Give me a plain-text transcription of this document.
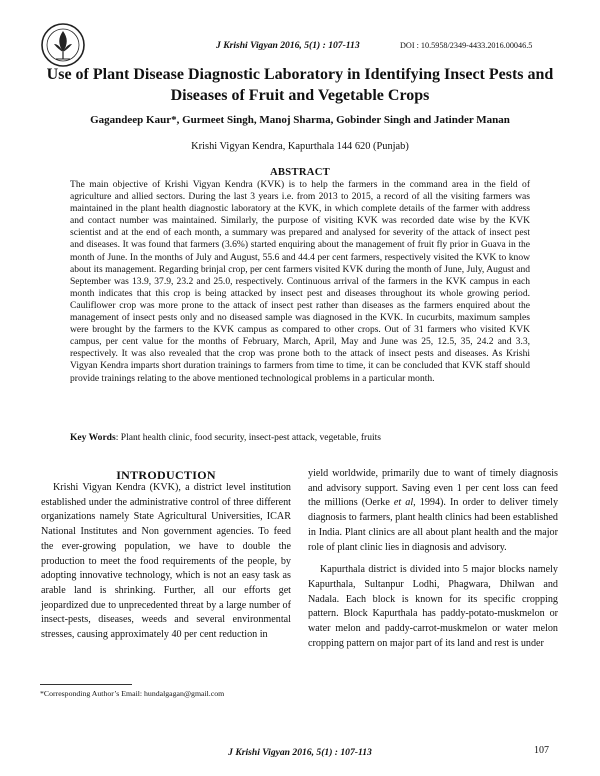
J Krishi Vigyan 2016, 5(1) : 107-113	DOI : 10.5958/2349-4433.2016.00046.5
Use of Plant Disease Diagnostic Laboratory in Identifying Insect Pests and Diseases of Fruit and Vegetable Crops
Gagandeep Kaur*, Gurmeet Singh, Manoj Sharma, Gobinder Singh and Jatinder Manan
Krishi Vigyan Kendra, Kapurthala 144 620 (Punjab)
ABSTRACT
The main objective of Krishi Vigyan Kendra (KVK) is to help the farmers in the command area in the field of agriculture and allied sectors. During the last 3 years i.e. from 2013 to 2015, a record of all the visiting farmers was maintained in the plant health diagnostic laboratory at the KVK, in which complete details of the farmer with address and contact number was maintained. Similarly, the purpose of visiting KVK was recorded date wise by the KVK scientist and at the end of each month, a summary was prepared and analysed for severity of the attack of insect pest and diseases. It was found that farmers (3.6%) started enquiring about the management of fruit fly prior in Guava in the month of June. In the months of July and August, 55.6 and 44.4 per cent farmers, respectively visited the KVK to know about its management. Regarding brinjal crop, per cent farmers visited KVK during the month of June, July, August and September was 13.9, 37.9, 23.2 and 25.0, respectively. Continuous arrival of the farmers in the KVK campus in each month indicates that this crop is being attacked by insect pest and diseases throughout its whole growing period. Cauliflower crop was more prone to the attack of insect pest rather than diseases as the farmers enquired about the management of insect pests only and no diseased sample was diagnosed in the KVK. In cucurbits, maximum samples were brought by the farmers to the KVK campus as compared to other crops. Out of 31 farmers who visited KVK campus, per cent value for the months of February, March, April, May and June was 25, 12.5, 35, 24.2 and 3.3, respectively. It was also revealed that the crop was prone both to the attack of insect pests and diseases. As Krishi Vigyan Kendra imparts short duration trainings to farmers from time to time, it can be concluded that KVK staff should provide trainings relating to the above mentioned technological problems in a particular month.
Key Words: Plant health clinic, food security, insect-pest attack, vegetable, fruits
INTRODUCTION
Krishi Vigyan Kendra (KVK), a district level institution established under the administrative control of three different organizations namely State Agricultural Universities, ICAR National Institutes and Non government agencies. To feed the ever-growing population, we have to double the production to meet the food requirements of the people, by adopting innovative technology, which is not an easy task as arable land is shrinking. Further, all our efforts get jeopardized due to unprecedented threat by a large number of insect-pests, diseases, weeds and several environmental stresses, causing approximately 40 per cent reduction in

yield worldwide, primarily due to want of timely diagnosis and advisory support. Saving even 1 per cent loss can feed the millions (Oerke et al, 1994). In order to deliver timely diagnosis to farmers, plant health clinics had been established in India. Plant clinics are all about plant health and the major role of plant clinic lies in diagnosis and advisory.

Kapurthala district is divided into 5 major blocks namely Kapurthala, Sultanpur Lodhi, Phagwara, Dhilwan and Nadala. Each block is known for its specific cropping pattern. Block Kapurthala has paddy-potato-muskmelon or water melon and paddy-carrot-muskmelon or water melon cropping pattern on major part of its land and rest is under

*Corresponding Author’s Email: hundalgagan@gmail.com
J Krishi Vigyan 2016, 5(1) : 107-113	107
